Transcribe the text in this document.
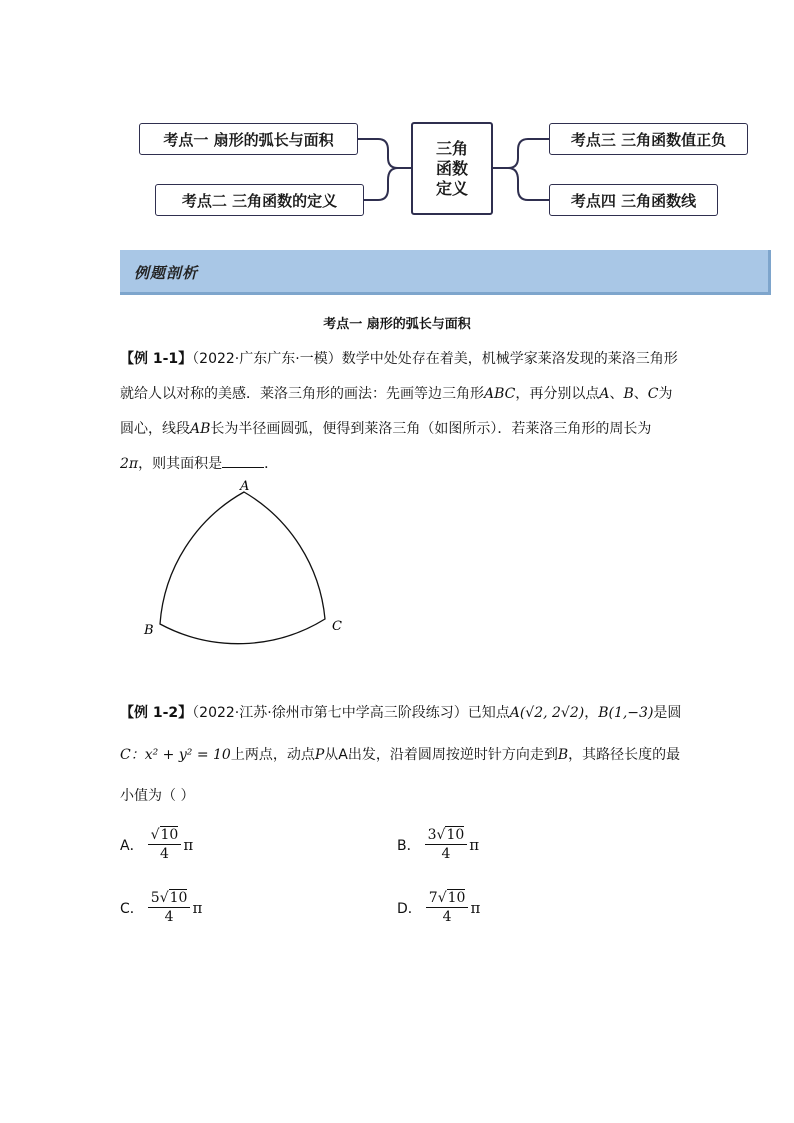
考点一 扇形的弧长与面积
考点二 三角函数的定义
三角
函数
定义
考点三 三角函数值正负
考点四 三角函数线
例题剖析
考点一 扇形的弧长与面积
【例 1-1】（2022·广东广东·一模）数学中处处存在着美，机械学家莱洛发现的莱洛三角形就给人以对称的美感．莱洛三角形的画法：先画等边三角形ABC，再分别以点A、B、C为圆心，线段AB长为半径画圆弧，便得到莱洛三角（如图所示）．若莱洛三角形的周长为2π，则其面积是	．
A
B	C
【例 1-2】（2022·江苏·徐州市第七中学高三阶段练习）已知点A(√2, 2√2)，B(1,−3)是圆
C：x² + y² = 10上两点，动点P从A出发，沿着圆周按逆时针方向走到B，其路径长度的最
小值为（ ）
A． $\frac{√10}{4}$ π	B． $\frac{3√10}{4}$ π
C． $\frac{5√10}{4}$ π	D． $\frac{7√10}{4}$ π
